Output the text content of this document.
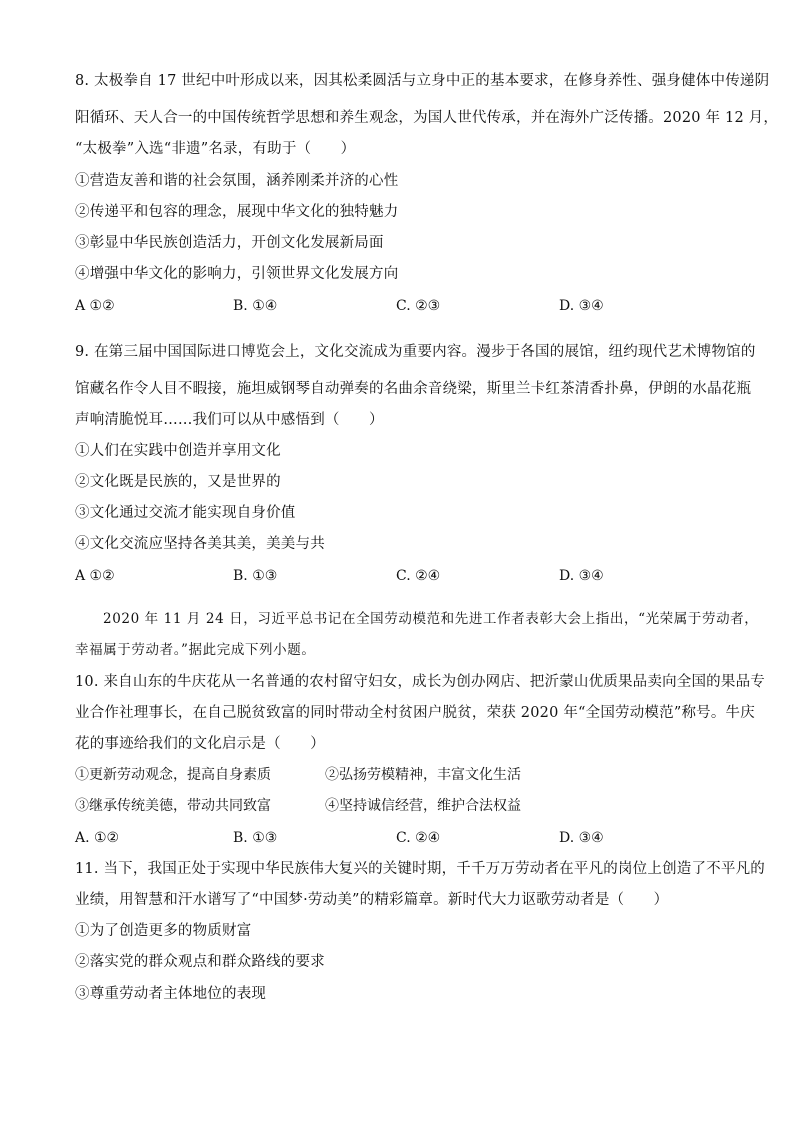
8. 太极拳自 17 世纪中叶形成以来，因其松柔圆活与立身中正的基本要求，在修身养性、强身健体中传递阴
阳循环、天人合一的中国传统哲学思想和养生观念，为国人世代传承，并在海外广泛传播。2020 年 12 月，
“太极拳”入选“非遗”名录，有助于（　　）
①营造友善和谐的社会氛围，涵养刚柔并济的心性
②传递平和包容的理念，展现中华文化的独特魅力
③彰显中华民族创造活力，开创文化发展新局面
④增强中华文化的影响力，引领世界文化发展方向
A ①②	B. ①④	C. ②③	D. ③④
9. 在第三届中国国际进口博览会上，文化交流成为重要内容。漫步于各国的展馆，纽约现代艺术博物馆的
馆藏名作令人目不暇接，施坦威钢琴自动弹奏的名曲余音绕梁，斯里兰卡红茶清香扑鼻，伊朗的水晶花瓶
声响清脆悦耳……我们可以从中感悟到（　　）
①人们在实践中创造并享用文化
②文化既是民族的，又是世界的
③文化通过交流才能实现自身价值
④文化交流应坚持各美其美，美美与共
A ①②	B. ①③	C. ②④	D. ③④
2020 年 11 月 24 日，习近平总书记在全国劳动模范和先进工作者表彰大会上指出，“光荣属于劳动者，
幸福属于劳动者。”据此完成下列小题。
10. 来自山东的牛庆花从一名普通的农村留守妇女，成长为创办网店、把沂蒙山优质果品卖向全国的果品专
业合作社理事长，在自己脱贫致富的同时带动全村贫困户脱贫，荣获 2020 年“全国劳动模范”称号。牛庆
花的事迹给我们的文化启示是（　　）
①更新劳动观念，提高自身素质	②弘扬劳模精神，丰富文化生活
③继承传统美德，带动共同致富	④坚持诚信经营，维护合法权益
A. ①②	B. ①③	C. ②④	D. ③④
11. 当下，我国正处于实现中华民族伟大复兴的关键时期，千千万万劳动者在平凡的岗位上创造了不平凡的
业绩，用智慧和汗水谱写了“中国梦·劳动美”的精彩篇章。新时代大力讴歌劳动者是（　　）
①为了创造更多的物质财富
②落实党的群众观点和群众路线的要求
③尊重劳动者主体地位的表现
